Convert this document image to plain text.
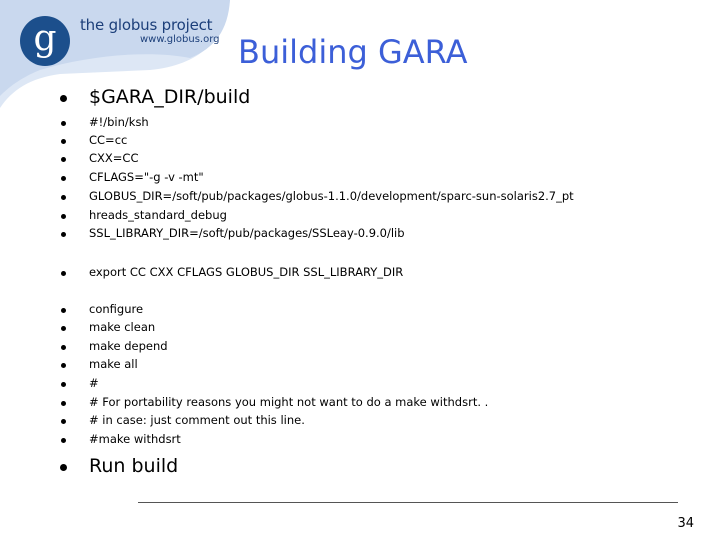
g	the globus project
www.globus.org Building GARA
$GARA_DIR/build
#!/bin/ksh
CC=cc
CXX=CC
CFLAGS="-g -v -mt"
GLOBUS_DIR=/soft/pub/packages/globus-1.1.0/development/sparc-sun-solaris2.7_pt
hreads_standard_debug
SSL_LIBRARY_DIR=/soft/pub/packages/SSLeay-0.9.0/lib
export CC CXX CFLAGS GLOBUS_DIR SSL_LIBRARY_DIR
configure
make clean
make depend
make all
#
# For portability reasons you might not want to do a make withdsrt. .
# in case: just comment out this line.
#make withdsrt
Run build
34
